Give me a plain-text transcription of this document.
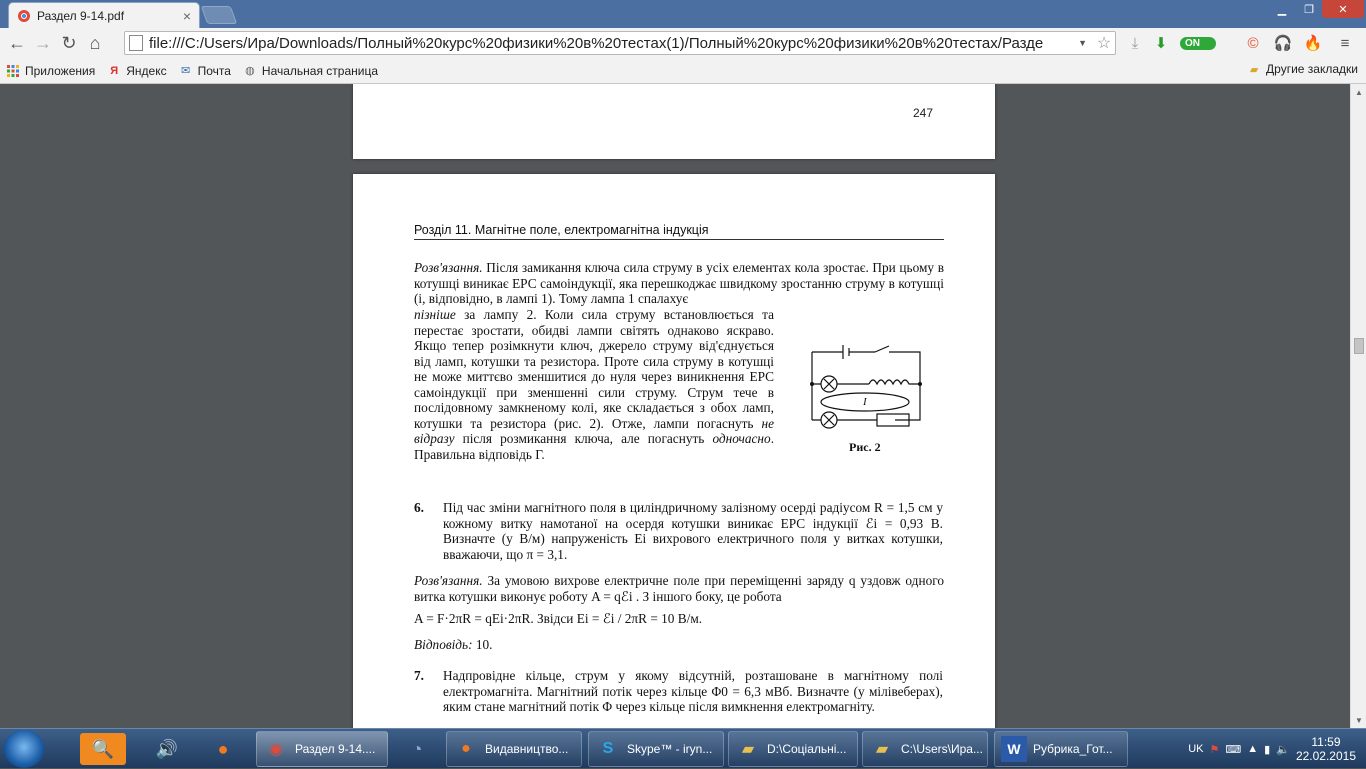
Раздел 9-14.pdf	×	▁	❐	✕
← → ↻ ⌂	file:///C:/Users/Ира/Downloads/Полный%20курс%20физики%20в%20тестах(1)/Полный%20курс%20физики%20в%20тестах/Разде	▼ ☆	⤓	⬇	ON	©	🎧 🔥	≡
Приложения Я Яндекс ✉ Почта ◍ Начальная страница	▰ Другие закладки
247
Розділ 11. Магнітне поле, електромагнітна індукція
Розв'язання. Після замикання ключа сила струму в усіх елементах кола зростає. При цьому в котушці виникає ЕРС самоіндукції, яка перешкоджає швидкому зростанню струму в котушці (і, відповідно, в лампі 1). Тому лампа 1 спалахує
пізніше за лампу 2. Коли сила струму встановлюється та перестає зростати, обидві лампи світять однаково яскраво. Якщо тепер розімкнути ключ, джерело струму від'єднується від ламп, котушки та резистора. Проте сила струму в котушці не може миттєво зменшитися до нуля через виникнення ЕРС самоіндукції при зменшенні сили струму. Струм тече в послідовному замкненому колі, яке складається з обох ламп, котушки та резистора (рис. 2). Отже, лампи погаснуть не відразу після розмикання ключа, але погаснуть одночасно. Правильна відповідь Г.
I
Рис. 2
6. Під час зміни магнітного поля в циліндричному залізному осерді радіусом R = 1,5 см у кожному витку намотаної на осердя котушки виникає ЕРС індукції ℰi = 0,93 В. Визначте (у В/м) напруженість Ei вихрового електричного поля у витках котушки, вважаючи, що π = 3,1.
Розв'язання. За умовою вихрове електричне поле при переміщенні заряду q уздовж одного витка котушки виконує роботу A = qℰi . З іншого боку, це робота
A = F·2πR = qEi·2πR. Звідси Ei = ℰi / 2πR = 10 В/м.
Відповідь: 10.
7. Надпровідне кільце, струм у якому відсутній, розташоване в магнітному полі електромагніта. Магнітний потік через кільце Φ0 = 6,3 мВб. Визначте (у мілівеберах), яким стане магнітний потік Φ через кільце після вимкнення електромагніту.
▲
▼
🔍	🔊	●	◉	Раздел 9-14....	◔	●	Видавництво...	S	Skype™ - iryn...	▰	D:\Соціальні...	▰	C:\Users\Ира...	W	Рубрика_Гот...	UK ⚑ ⌨ ▲ ▮ 🔈
11:59
22.02.2015
